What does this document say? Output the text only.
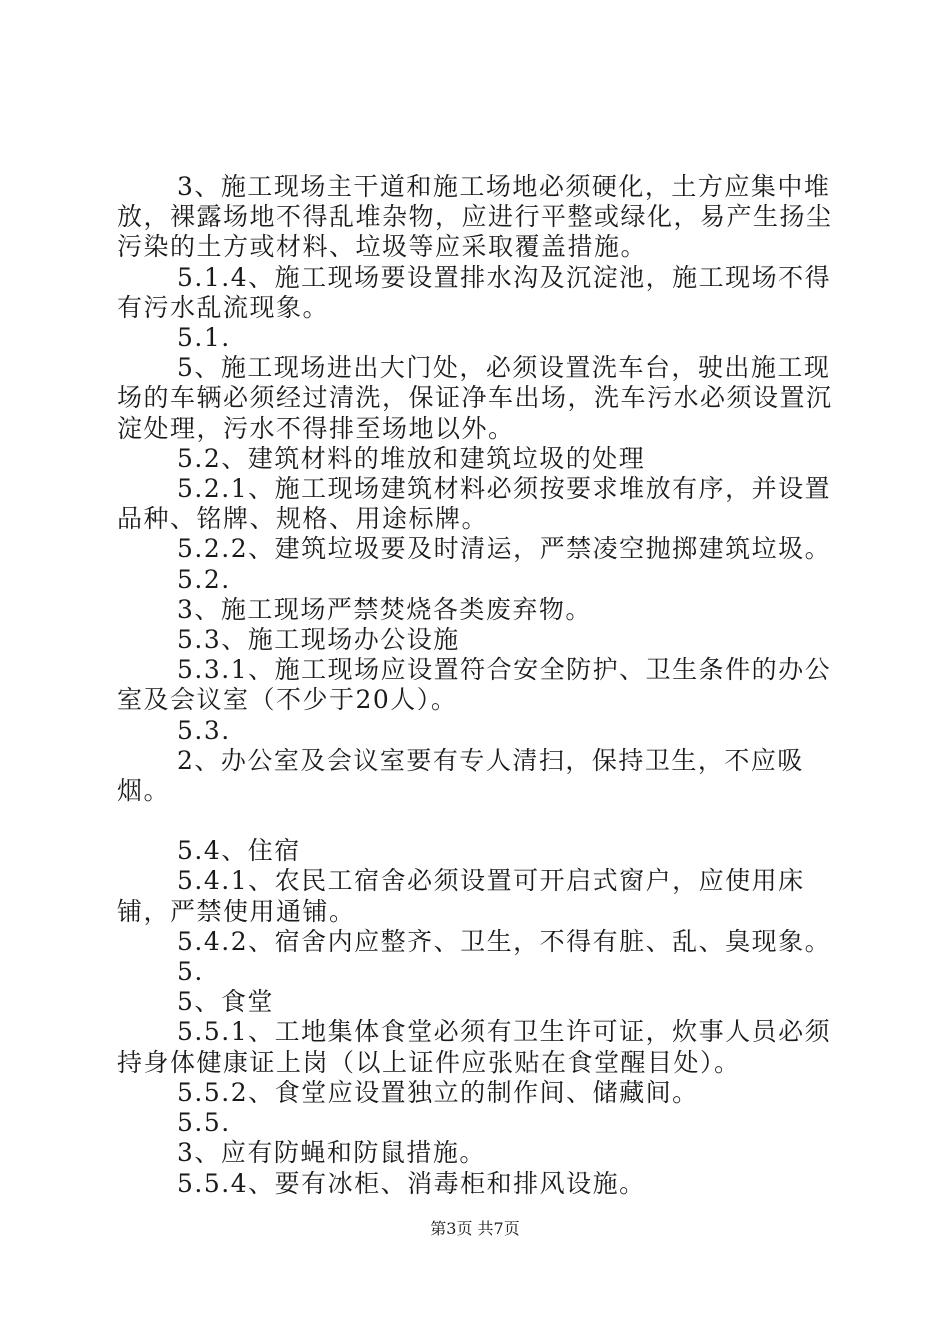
3、施工现场主干道和施工场地必须硬化，土方应集中堆放，裸露场地不得乱堆杂物，应进行平整或绿化，易产生扬尘污染的土方或材料、垃圾等应采取覆盖措施。

5.1.4、施工现场要设置排水沟及沉淀池，施工现场不得有污水乱流现象。

5.1.

5、施工现场进出大门处，必须设置洗车台，驶出施工现场的车辆必须经过清洗，保证净车出场，洗车污水必须设置沉淀处理，污水不得排至场地以外。

5.2、建筑材料的堆放和建筑垃圾的处理

5.2.1、施工现场建筑材料必须按要求堆放有序，并设置品种、铭牌、规格、用途标牌。

5.2.2、建筑垃圾要及时清运，严禁凌空抛掷建筑垃圾。

5.2.

3、施工现场严禁焚烧各类废弃物。

5.3、施工现场办公设施

5.3.1、施工现场应设置符合安全防护、卫生条件的办公室及会议室（不少于20人）。

5.3.

2、办公室及会议室要有专人清扫，保持卫生，不应吸烟。

5.4、住宿

5.4.1、农民工宿舍必须设置可开启式窗户，应使用床铺，严禁使用通铺。

5.4.2、宿舍内应整齐、卫生，不得有脏、乱、臭现象。

5.

5、食堂

5.5.1、工地集体食堂必须有卫生许可证，炊事人员必须持身体健康证上岗（以上证件应张贴在食堂醒目处）。

5.5.2、食堂应设置独立的制作间、储藏间。

5.5.

3、应有防蝇和防鼠措施。

5.5.4、要有冰柜、消毒柜和排风设施。

第3页 共7页
